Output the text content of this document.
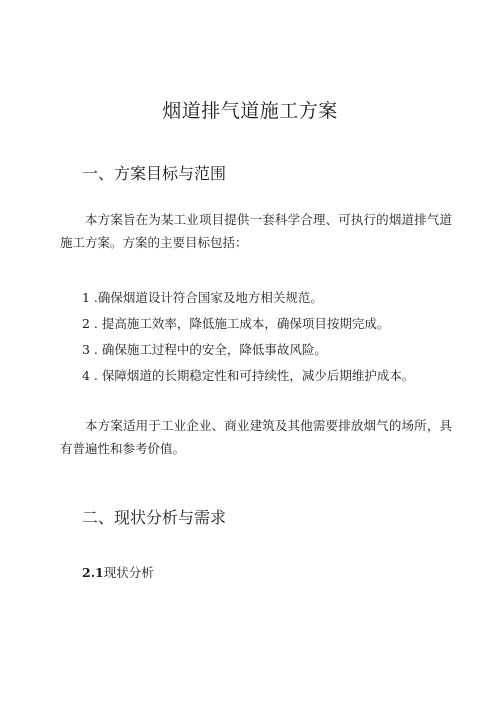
烟道排气道施工方案
一、方案目标与范围
本方案旨在为某工业项目提供一套科学合理、可执行的烟道排气道施工方案。方案的主要目标包括：
1 .确保烟道设计符合国家及地方相关规范。
2 . 提高施工效率，降低施工成本，确保项目按期完成。
3 . 确保施工过程中的安全，降低事故风险。
4 . 保障烟道的长期稳定性和可持续性，减少后期维护成本。
本方案适用于工业企业、商业建筑及其他需要排放烟气的场所，具有普遍性和参考价值。
二、现状分析与需求
2.1现状分析
